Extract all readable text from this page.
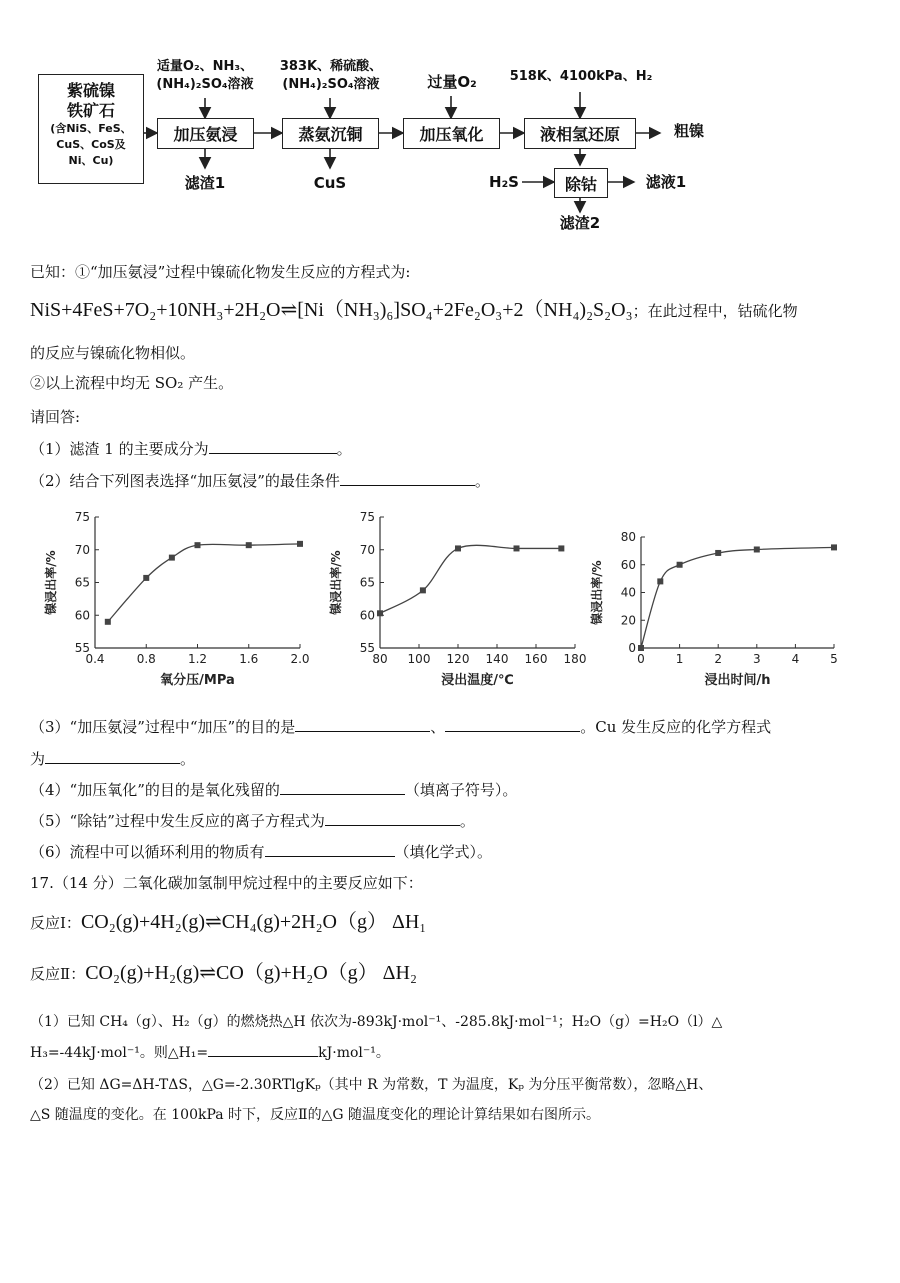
紫硫镍
铁矿石
(含NiS、FeS、
CuS、CoS及
Ni、Cu)
加压氨浸	蒸氨沉铜	加压氧化	液相氢还原
除钴
适量O₂、NH₃、
(NH₄)₂SO₄溶液
383K、稀硫酸、
(NH₄)₂SO₄溶液	过量O₂	518K、4100kPa、H₂
滤渣1	CuS
粗镍
H₂S	滤液1
滤渣2
已知：①“加压氨浸”过程中镍硫化物发生反应的方程式为:
NiS+4FeS+7O₂+10NH₃+2H₂O⇌[Ni（NH₃)₆]SO₄+2Fe₂O₃+2（NH₄)₂S₂O₃；在此过程中，钴硫化物
的反应与镍硫化物相似。
②以上流程中均无 SO₂ 产生。
请回答:
（1）滤渣 1 的主要成分为	。
（2）结合下列图表选择“加压氨浸”的最佳条件	。
0.4	0.8	1.2	1.6	2.0
55
60
65
70
75
氧分压/MPa
镍浸出率/%
80 100 120 140 160 180
55
60
65
70
75
浸出温度/℃
镍浸出率/%
0	1	2	3	4	5
0
20
40
60
80
浸出时间/h
镍浸出率/%
（3）“加压氨浸”过程中“加压”的目的是	、	。Cu 发生反应的化学方程式
为	。
（4）“加压氧化”的目的是氧化残留的	（填离子符号）。
（5）“除钴”过程中发生反应的离子方程式为	。
（6）流程中可以循环利用的物质有	（填化学式）。
17.（14 分）二氧化碳加氢制甲烷过程中的主要反应如下：
反应Ⅰ：CO₂(g)+4H₂(g)⇌CH₄(g)+2H₂O（g） ΔH₁
反应Ⅱ：CO₂(g)+H₂(g)⇌CO（g)+H₂O（g） ΔH₂
（1）已知 CH₄（g）、H₂（g）的燃烧热△H 依次为-893kJ·mol⁻¹、-285.8kJ·mol⁻¹；H₂O（g）=H₂O（l）△
H₃=-44kJ·mol⁻¹。则△H₁=	kJ·mol⁻¹。
（2）已知 ΔG=ΔH-TΔS，△G=-2.30RTlgKₚ（其中 R 为常数，T 为温度，Kₚ 为分压平衡常数），忽略△H、
△S 随温度的变化。在 100kPa 时下，反应Ⅱ的△G 随温度变化的理论计算结果如右图所示。
